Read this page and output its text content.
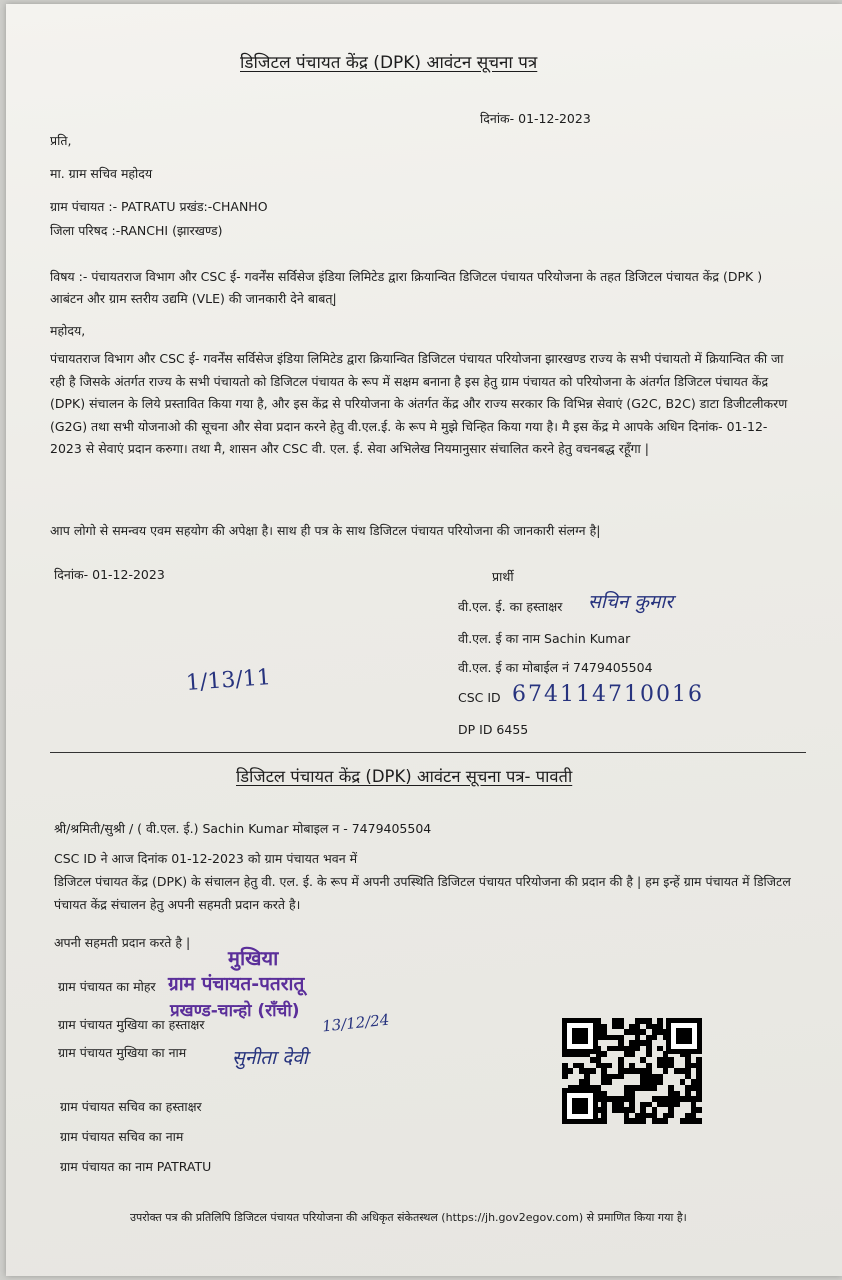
डिजिटल पंचायत केंद्र (DPK) आवंटन सूचना पत्र
दिनांक- 01-12-2023
प्रति,
मा. ग्राम सचिव महोदय
ग्राम पंचायत :- PATRATU प्रखंड:-CHANHO
जिला परिषद :-RANCHI (झारखण्ड)
विषय :- पंचायतराज विभाग और CSC ई- गवर्नेंस सर्विसेज इंडिया लिमिटेड द्वारा क्रियान्वित डिजिटल पंचायत परियोजना के तहत डिजिटल पंचायत केंद्र (DPK ) आबंटन और ग्राम स्तरीय उद्यमि (VLE) की जानकारी देने बाबत्|
महोदय,
पंचायतराज विभाग और CSC ई- गवर्नेंस सर्विसेज इंडिया लिमिटेड द्वारा क्रियान्वित डिजिटल पंचायत परियोजना झारखण्ड राज्य के सभी पंचायतो में क्रियान्वित की जा रही है जिसके अंतर्गत राज्य के सभी पंचायतो को डिजिटल पंचायत के रूप में सक्षम बनाना है इस हेतु ग्राम पंचायत को परियोजना के अंतर्गत डिजिटल पंचायत केंद्र (DPK) संचालन के लिये प्रस्तावित किया गया है, और इस केंद्र से परियोजना के अंतर्गत केंद्र और राज्य सरकार कि विभिन्न सेवाएं (G2C, B2C) डाटा डिजीटलीकरण (G2G) तथा सभी योजनाओ की सूचना और सेवा प्रदान करने हेतु वी.एल.ई. के रूप मे मुझे चिन्हित किया गया है। मै इस केंद्र मे आपके अधिन दिनांक- 01-12-2023 से सेवाएं प्रदान करुगा। तथा मै, शासन और CSC वी. एल. ई. सेवा अभिलेख नियमानुसार संचालित करने हेतु वचनबद्ध रहूँगा |
आप लोगो से समन्वय एवम सहयोग की अपेक्षा है। साथ ही पत्र के साथ डिजिटल पंचायत परियोजना की जानकारी संलग्न है|
दिनांक- 01-12-2023	प्रार्थी
वी.एल. ई. का हस्ताक्षर सचिन कुमार
वी.एल. ई का नाम Sachin Kumar
वी.एल. ई का मोबाईल नं 7479405504
CSC ID 674114710016
DP ID 6455
1/13/11
डिजिटल पंचायत केंद्र (DPK) आवंटन सूचना पत्र- पावती
श्री/श्रमिती/सुश्री / ( वी.एल. ई.) Sachin Kumar मोबाइल न - 7479405504
CSC ID ने आज दिनांक 01-12-2023 को ग्राम पंचायत भवन में
डिजिटल पंचायत केंद्र (DPK) के संचालन हेतु वी. एल. ई. के रूप में अपनी उपस्थिति डिजिटल पंचायत परियोजना की प्रदान की है | हम इन्हें ग्राम पंचायत में डिजिटल पंचायत केंद्र संचालन हेतु अपनी सहमती प्रदान करते है।
अपनी सहमती प्रदान करते है |
ग्राम पंचायत का मोहर
ग्राम पंचायत मुखिया का हस्ताक्षर
ग्राम पंचायत मुखिया का नाम
मुखिया
ग्राम पंचायत-पतरातू
प्रखण्ड-चान्हो (राँची) 13/12/24
सुनीता देवी
ग्राम पंचायत सचिव का हस्ताक्षर
ग्राम पंचायत सचिव का नाम
ग्राम पंचायत का नाम PATRATU
उपरोक्त पत्र की प्रतिलिपि डिजिटल पंचायत परियोजना की अधिकृत संकेतस्थल (https://jh.gov2egov.com) से प्रमाणित किया गया है।
